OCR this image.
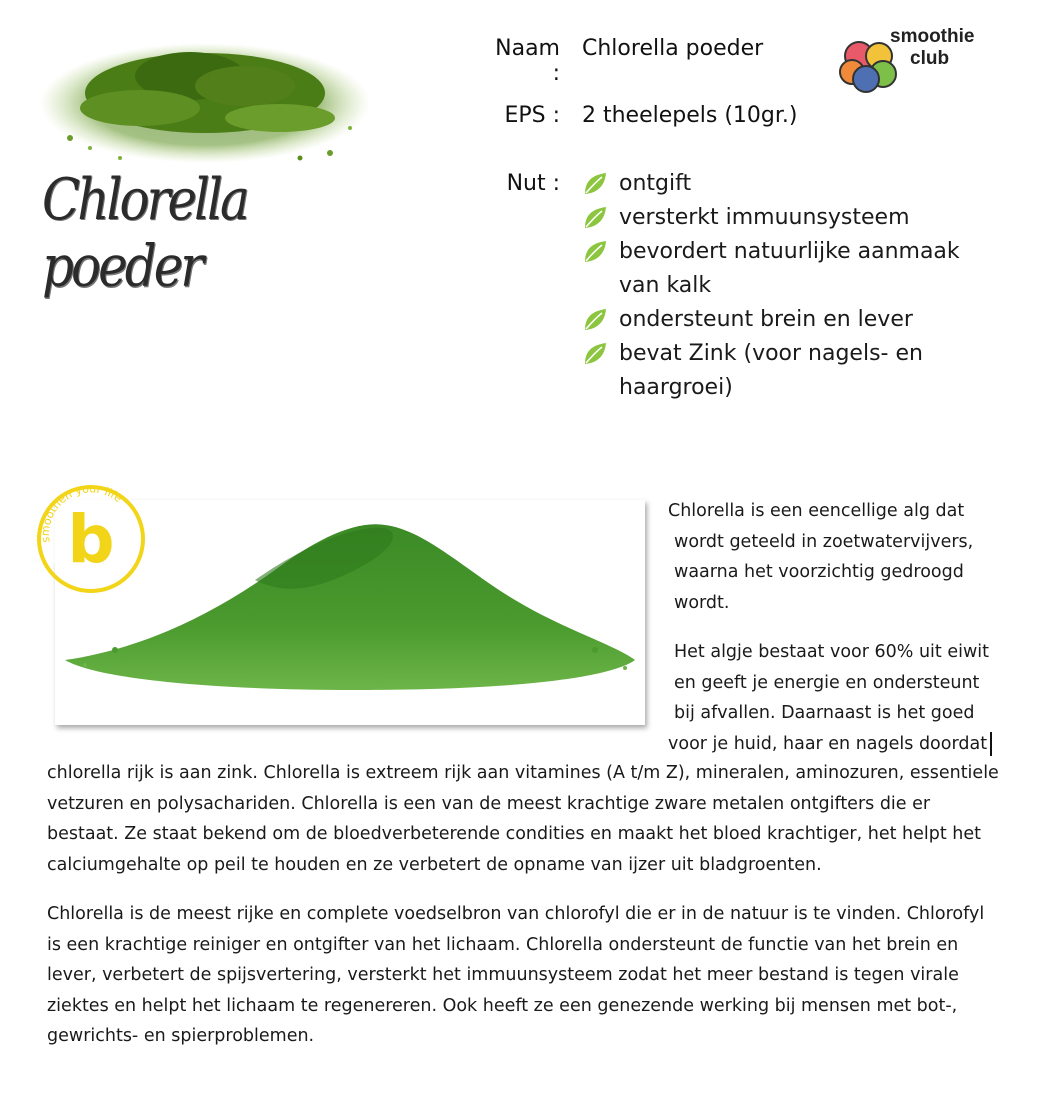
Chlorella poeder
Naam :
Chlorella poeder
EPS : 2 theelepels (10gr.)
Nut :	ontgift
versterkt immuunsysteem
bevordert natuurlijke aanmaak van kalk
ondersteunt brein en lever
bevat Zink (voor nagels- en haargroei)
smoothie
club
b
smoothen your life

Chlorella is een eencellige alg dat
wordt geteeld in zoetwatervijvers,
waarna het voorzichtig gedroogd
wordt.

Het algje bestaat voor 60% uit eiwit
en geeft je energie en ondersteunt
bij afvallen. Daarnaast is het goed
voor je huid, haar en nagels doordat

chlorella rijk is aan zink. Chlorella is extreem rijk aan vitamines (A t/m Z), mineralen, aminozuren, essentiele
vetzuren en polysachariden. Chlorella is een van de meest krachtige zware metalen ontgifters die er
bestaat. Ze staat bekend om de bloedverbeterende condities en maakt het bloed krachtiger, het helpt het
calciumgehalte op peil te houden en ze verbetert de opname van ijzer uit bladgroenten.

Chlorella is de meest rijke en complete voedselbron van chlorofyl die er in de natuur is te vinden. Chlorofyl
is een krachtige reiniger en ontgifter van het lichaam. Chlorella ondersteunt de functie van het brein en
lever, verbetert de spijsvertering, versterkt het immuunsysteem zodat het meer bestand is tegen virale
ziektes en helpt het lichaam te regenereren. Ook heeft ze een genezende werking bij mensen met bot-,
gewrichts- en spierproblemen.
